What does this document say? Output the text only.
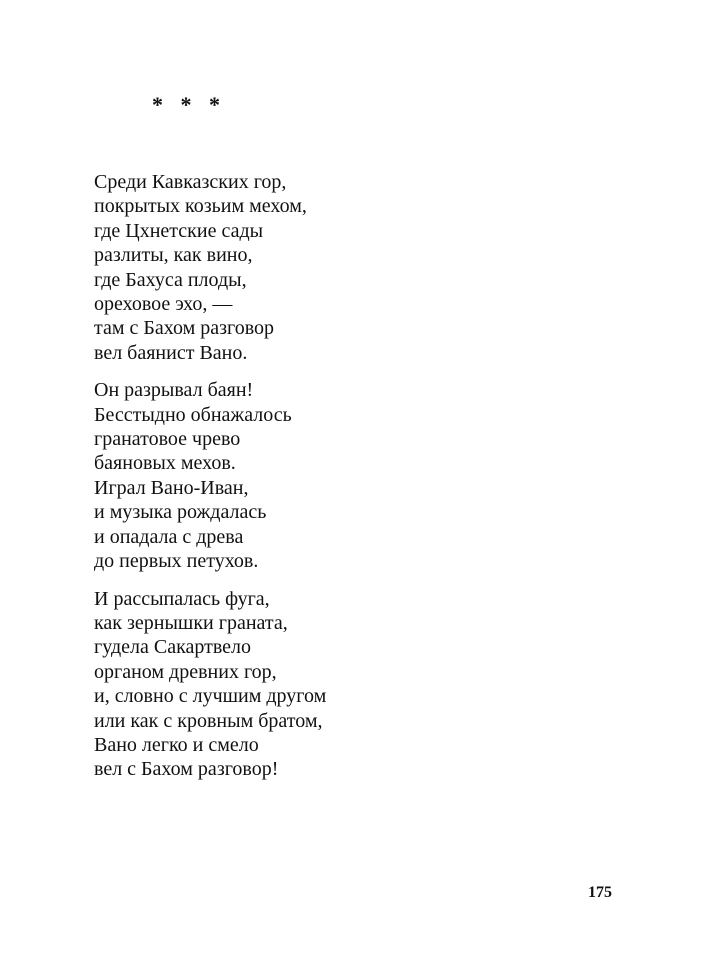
* * *
Среди Кавказских гор,
покрытых козьим мехом,
где Цхнетские сады
разлиты, как вино,
где Бахуса плоды,
ореховое эхо, —
там с Бахом разговор
вел баянист Вано.
Он разрывал баян!
Бесстыдно обнажалось
гранатовое чрево
баяновых мехов.
Играл Вано-Иван,
и музыка рождалась
и опадала с древа
до первых петухов.
И рассыпалась фуга,
как зернышки граната,
гудела Сакартвело
органом древних гор,
и, словно с лучшим другом
или как с кровным братом,
Вано легко и смело
вел с Бахом разговор!
175
